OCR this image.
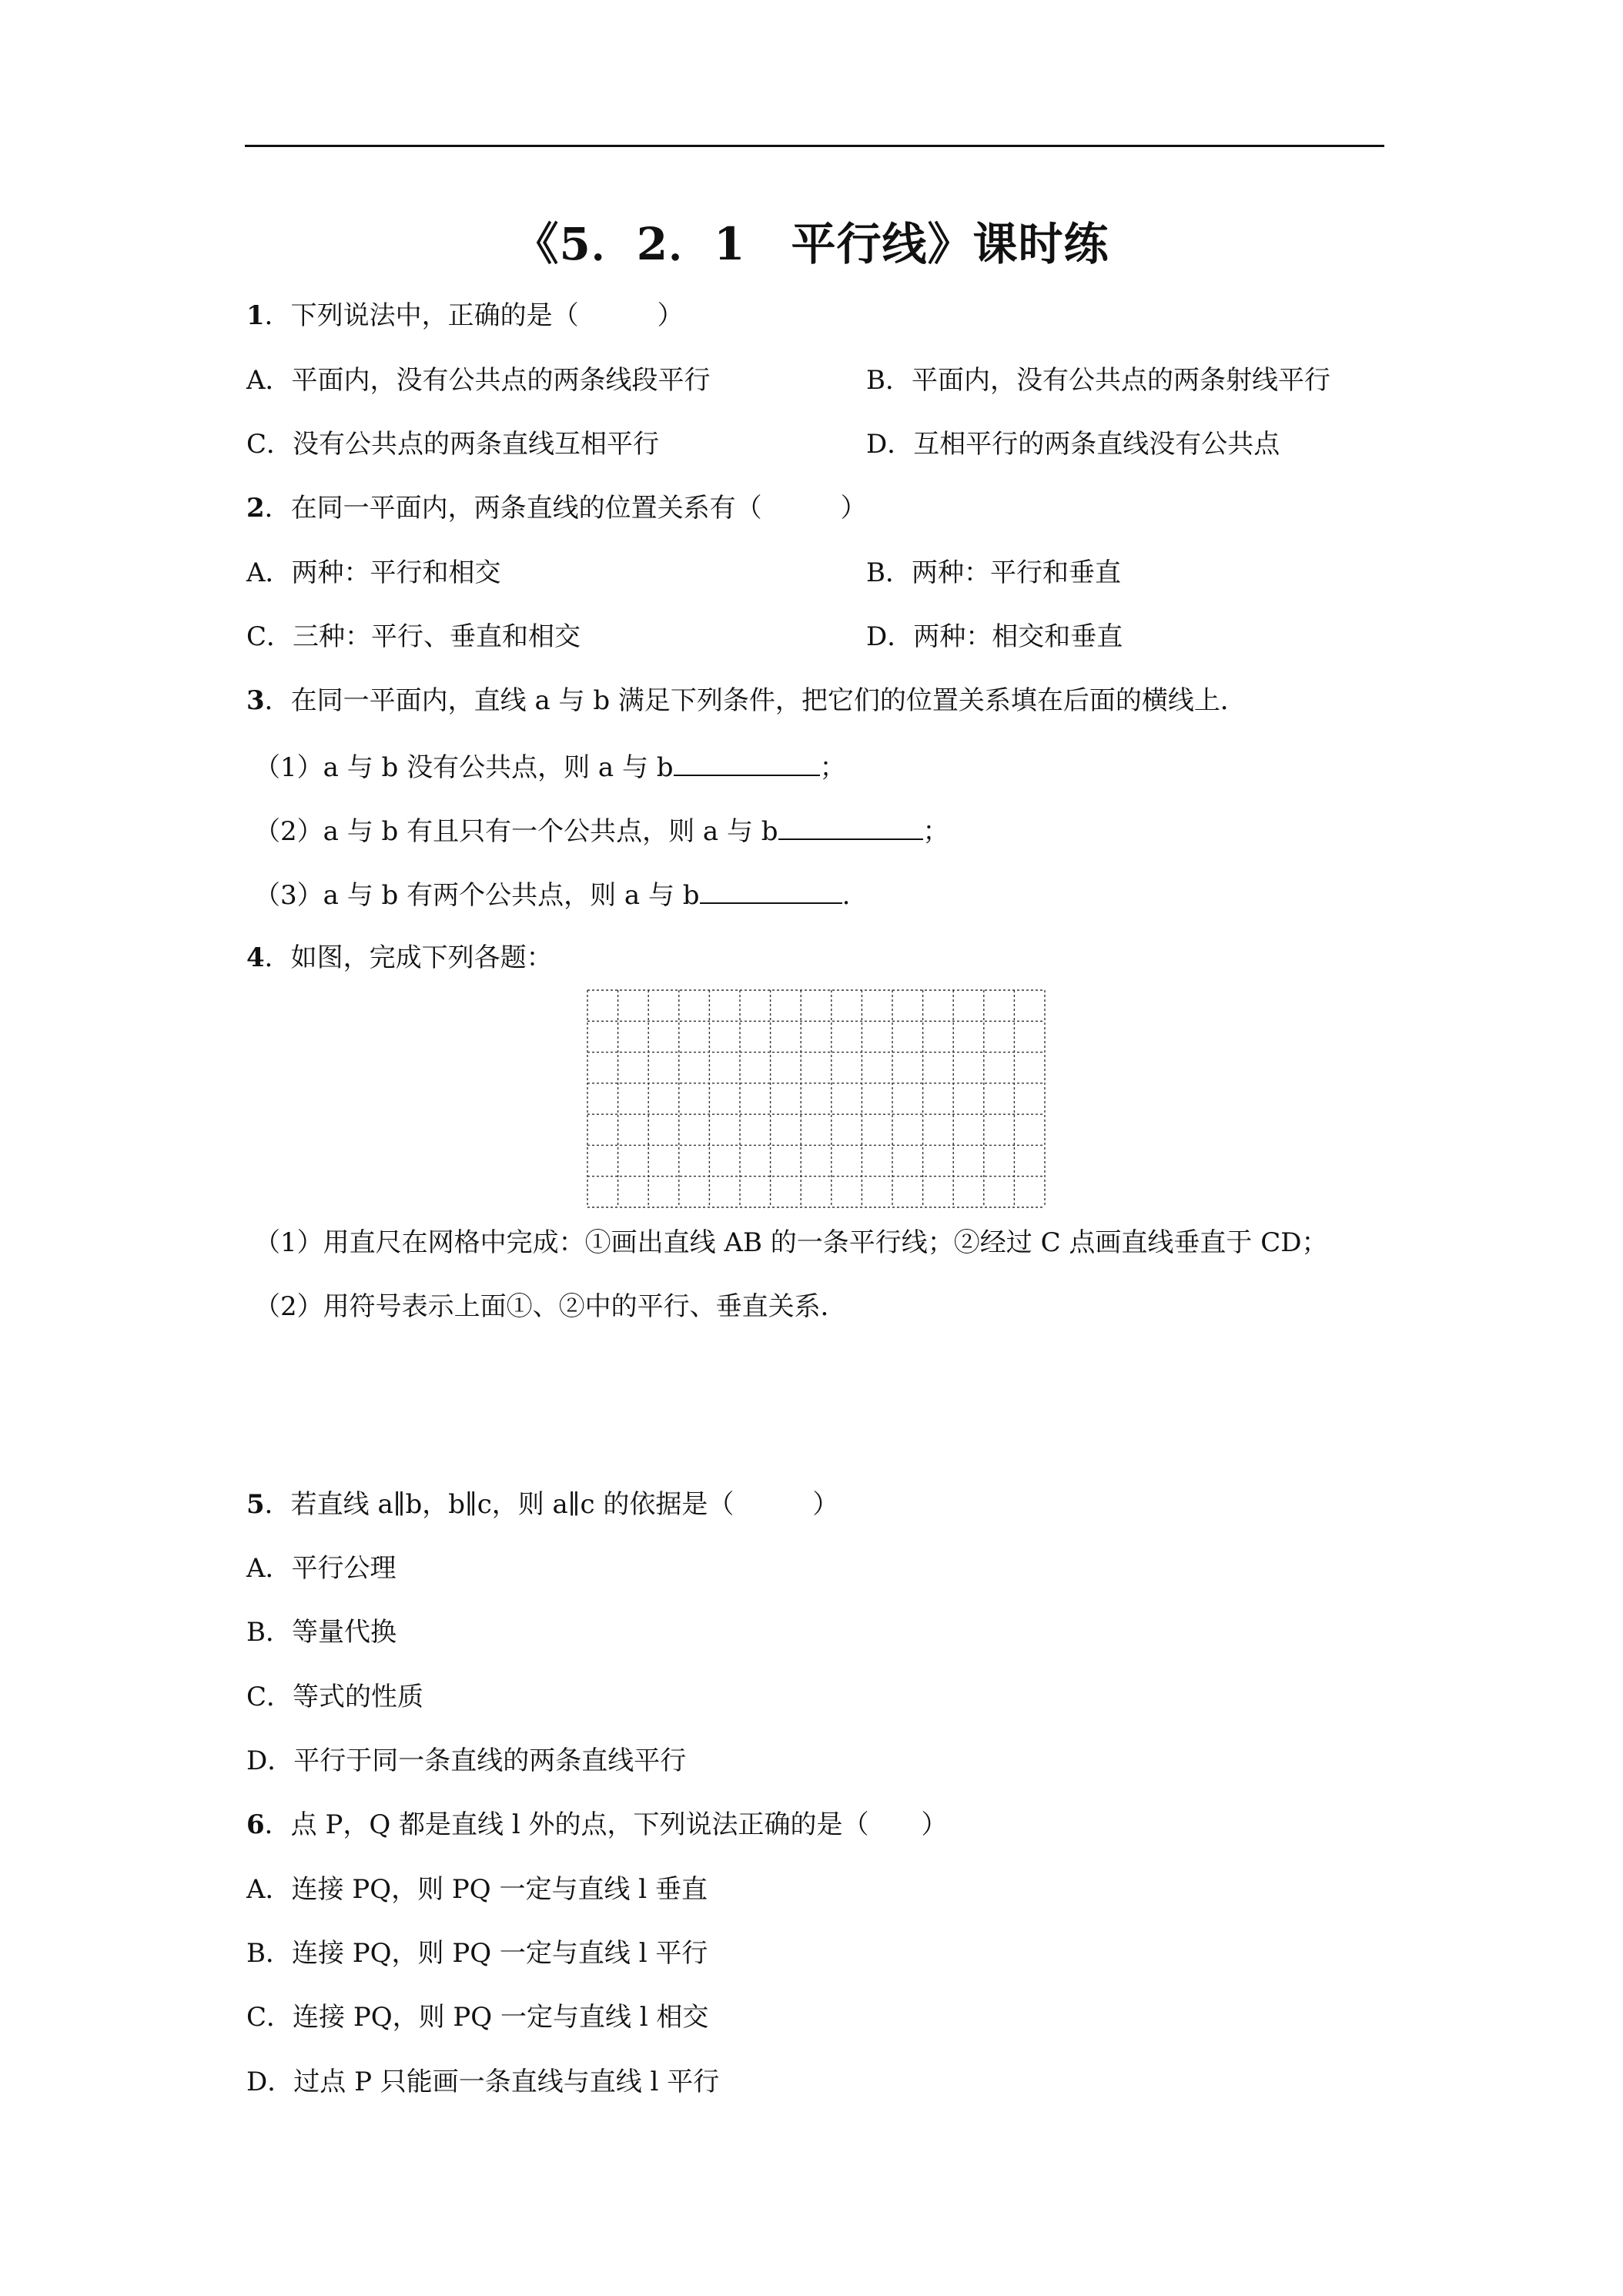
《5．2．1　平行线》课时练
1．下列说法中，正确的是（　　　）
A．平面内，没有公共点的两条线段平行	B．平面内，没有公共点的两条射线平行
C．没有公共点的两条直线互相平行	D．互相平行的两条直线没有公共点
2．在同一平面内，两条直线的位置关系有（　　　）
A．两种：平行和相交	B．两种：平行和垂直
C．三种：平行、垂直和相交	D．两种：相交和垂直
3．在同一平面内，直线 a 与 b 满足下列条件，把它们的位置关系填在后面的横线上．
（1）a 与 b 没有公共点，则 a 与 b	；
（2）a 与 b 有且只有一个公共点，则 a 与 b	；
（3）a 与 b 有两个公共点，则 a 与 b	.
4．如图，完成下列各题：
（1）用直尺在网格中完成：①画出直线 AB 的一条平行线；②经过 C 点画直线垂直于 CD；
（2）用符号表示上面①、②中的平行、垂直关系．
5．若直线 a∥b，b∥c，则 a∥c 的依据是（　　　）
A．平行公理
B．等量代换
C．等式的性质
D．平行于同一条直线的两条直线平行
6．点 P，Q 都是直线 l 外的点，下列说法正确的是（　　）
A．连接 PQ，则 PQ 一定与直线 l 垂直
B．连接 PQ，则 PQ 一定与直线 l 平行
C．连接 PQ，则 PQ 一定与直线 l 相交
D．过点 P 只能画一条直线与直线 l 平行
